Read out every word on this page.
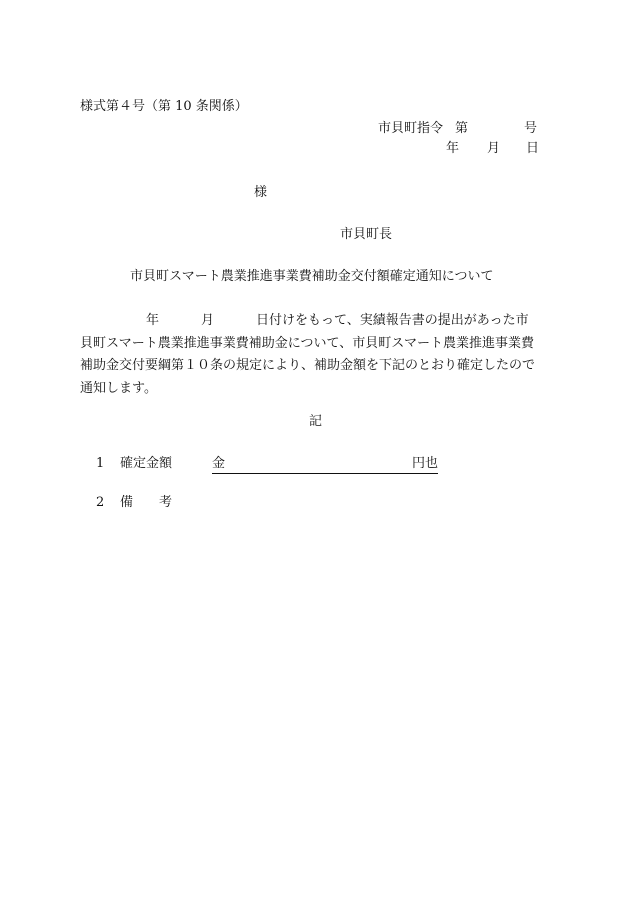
様式第４号（第 10 条関係）
市貝町指令 第	号
年 月 日
様
市貝町長
市貝町スマート農業推進事業費補助金交付額確定通知について
年	月	日付けをもって、実績報告書の提出があった市貝町スマート農業推進事業費補助金について、市貝町スマート農業推進事業費補助金交付要綱第１０条の規定により、補助金額を下記のとおり確定したので通知します。
記
1 確定金額	金
	円也
2 備 考
